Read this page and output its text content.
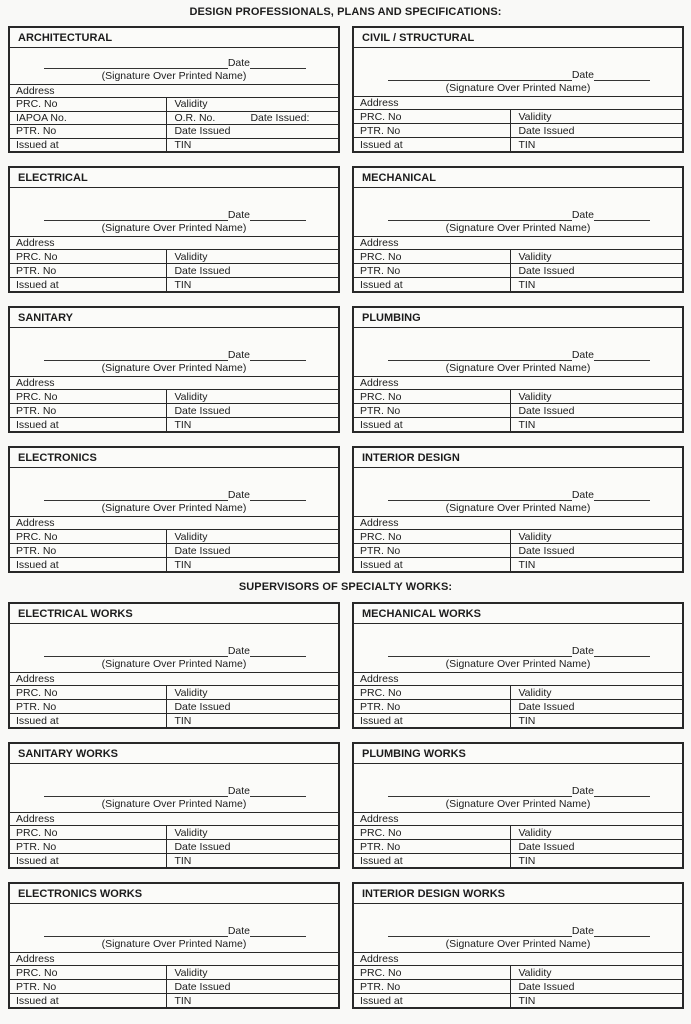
DESIGN PROFESSIONALS, PLANS AND SPECIFICATIONS:
ARCHITECTURAL
Date
(Signature Over Printed Name)
Address
PRC. No	Validity
IAPOA No.	O.R. No.	Date Issued:
PTR. No	Date Issued
Issued at	TIN
CIVIL / STRUCTURAL
Date
(Signature Over Printed Name)
Address
PRC. No	Validity
PTR. No	Date Issued
Issued at	TIN
ELECTRICAL
Date
(Signature Over Printed Name)
Address
PRC. No	Validity
PTR. No	Date Issued
Issued at	TIN
MECHANICAL
Date
(Signature Over Printed Name)
Address
PRC. No	Validity
PTR. No	Date Issued
Issued at	TIN
SANITARY
Date
(Signature Over Printed Name)
Address
PRC. No	Validity
PTR. No	Date Issued
Issued at	TIN
PLUMBING
Date
(Signature Over Printed Name)
Address
PRC. No	Validity
PTR. No	Date Issued
Issued at	TIN
ELECTRONICS
Date
(Signature Over Printed Name)
Address
PRC. No	Validity
PTR. No	Date Issued
Issued at	TIN
INTERIOR DESIGN
Date
(Signature Over Printed Name)
Address
PRC. No	Validity
PTR. No	Date Issued
Issued at	TIN
SUPERVISORS OF SPECIALTY WORKS:
ELECTRICAL WORKS
Date
(Signature Over Printed Name)
Address
PRC. No	Validity
PTR. No	Date Issued
Issued at	TIN
MECHANICAL WORKS
Date
(Signature Over Printed Name)
Address
PRC. No	Validity
PTR. No	Date Issued
Issued at	TIN
SANITARY WORKS
Date
(Signature Over Printed Name)
Address
PRC. No	Validity
PTR. No	Date Issued
Issued at	TIN
PLUMBING WORKS
Date
(Signature Over Printed Name)
Address
PRC. No	Validity
PTR. No	Date Issued
Issued at	TIN
ELECTRONICS WORKS
Date
(Signature Over Printed Name)
Address
PRC. No	Validity
PTR. No	Date Issued
Issued at	TIN
INTERIOR DESIGN WORKS
Date
(Signature Over Printed Name)
Address
PRC. No	Validity
PTR. No	Date Issued
Issued at	TIN
